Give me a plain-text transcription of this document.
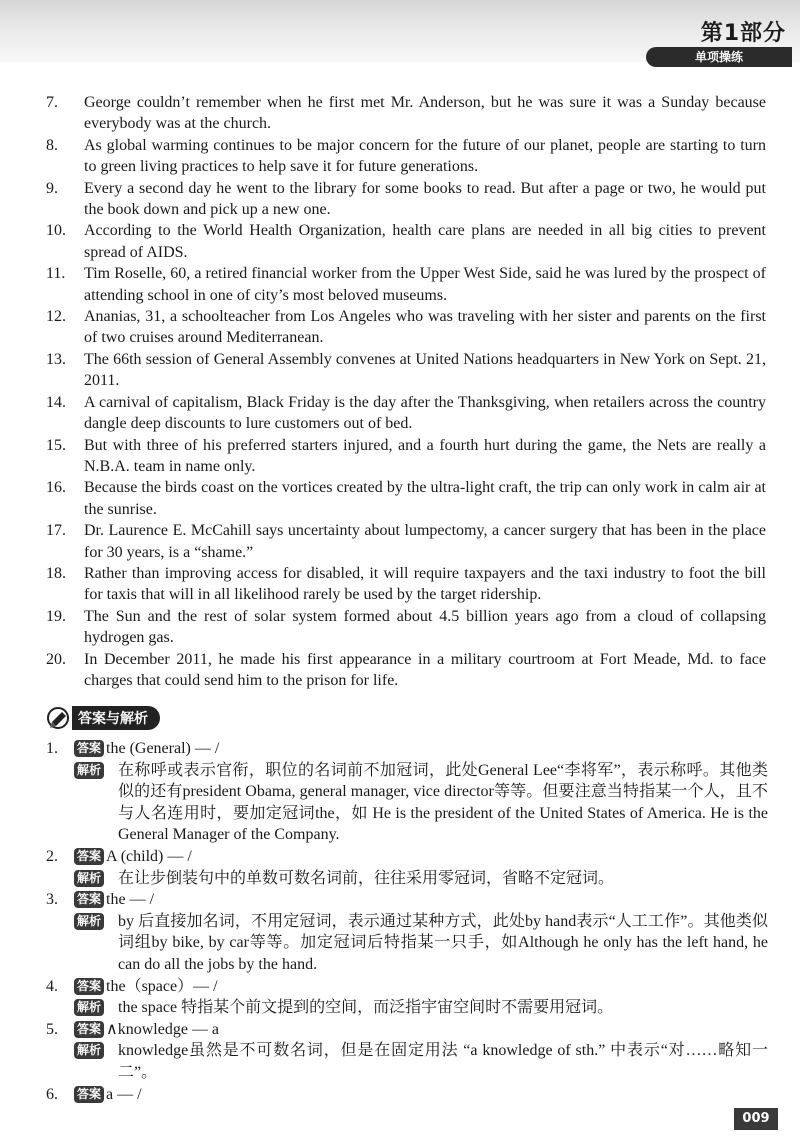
第1部分
单项操练
7.	George couldn’t remember when he first met Mr. Anderson, but he was sure it was a Sunday because everybody was at the church.
8.	As global warming continues to be major concern for the future of our planet, people are starting to turn to green living practices to help save it for future generations.
9.	Every a second day he went to the library for some books to read. But after a page or two, he would put the book down and pick up a new one.
10.	According to the World Health Organization, health care plans are needed in all big cities to prevent spread of AIDS.
11.	Tim Roselle, 60, a retired financial worker from the Upper West Side, said he was lured by the prospect of attending school in one of city’s most beloved museums.
12.	Ananias, 31, a schoolteacher from Los Angeles who was traveling with her sister and parents on the first of two cruises around Mediterranean.
13.	The 66th session of General Assembly convenes at United Nations headquarters in New York on Sept. 21, 2011.
14.	A carnival of capitalism, Black Friday is the day after the Thanksgiving, when retailers across the country dangle deep discounts to lure customers out of bed.
15.	But with three of his preferred starters injured, and a fourth hurt during the game, the Nets are really a N.B.A. team in name only.
16.	Because the birds coast on the vortices created by the ultra-light craft, the trip can only work in calm air at the sunrise.
17.	Dr. Laurence E. McCahill says uncertainty about lumpectomy, a cancer surgery that has been in the place for 30 years, is a “shame.”
18.	Rather than improving access for disabled, it will require taxpayers and the taxi industry to foot the bill for taxis that will in all likelihood rarely be used by the target ridership.
19.	The Sun and the rest of solar system formed about 4.5 billion years ago from a cloud of collapsing hydrogen gas.
20.	In December 2011, he made his first appearance in a military courtroom at Fort Meade, Md. to face charges that could send him to the prison for life.
答案与解析
1.	答案 the (General) — /
解析	在称呼或表示官衔，职位的名词前不加冠词，此处General Lee“李将军”，表示称呼。其他类似的还有president Obama, general manager, vice director等等。但要注意当特指某一个人，且不与人名连用时，要加定冠词the，如 He is the president of the United States of America. He is the General Manager of the Company.
2.	答案 A (child) — /
解析	在让步倒装句中的单数可数名词前，往往采用零冠词，省略不定冠词。
3.	答案 the — /
解析	by 后直接加名词，不用定冠词，表示通过某种方式，此处by hand表示“人工工作”。其他类似词组by bike, by car等等。加定冠词后特指某一只手，如Although he only has the left hand, he can do all the jobs by the hand.
4.	答案 the（space）— /
解析	the space 特指某个前文提到的空间，而泛指宇宙空间时不需要用冠词。
5.	答案 ∧knowledge — a
解析	knowledge虽然是不可数名词，但是在固定用法 “a knowledge of sth.” 中表示“对……略知一二”。
6.	答案 a — /
009
